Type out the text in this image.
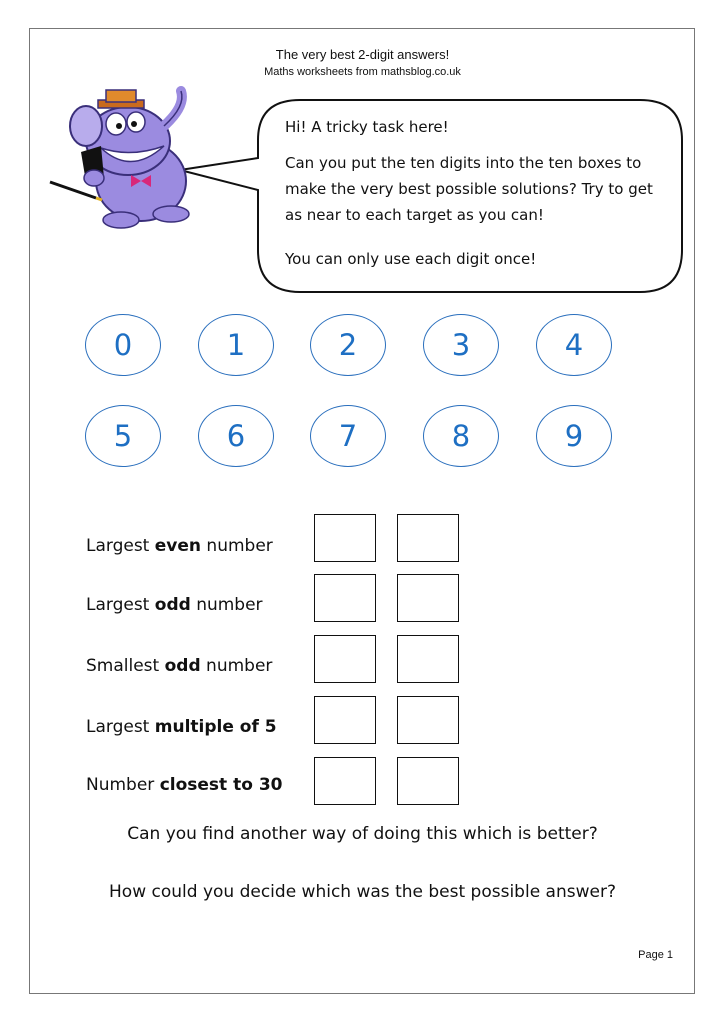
The very best 2-digit answers!
Maths worksheets from mathsblog.co.uk
Hi! A tricky task here!
Can you put the ten digits into the ten boxes to make the very best possible solutions? Try to get as near to each target as you can!
You can only use each digit once!
0	1	2	3	4
5	6	7	8	9
Largest even number
Largest odd number
Smallest odd number
Largest multiple of 5
Number closest to 30
Can you find another way of doing this which is better?
How could you decide which was the best possible answer?
Page 1
